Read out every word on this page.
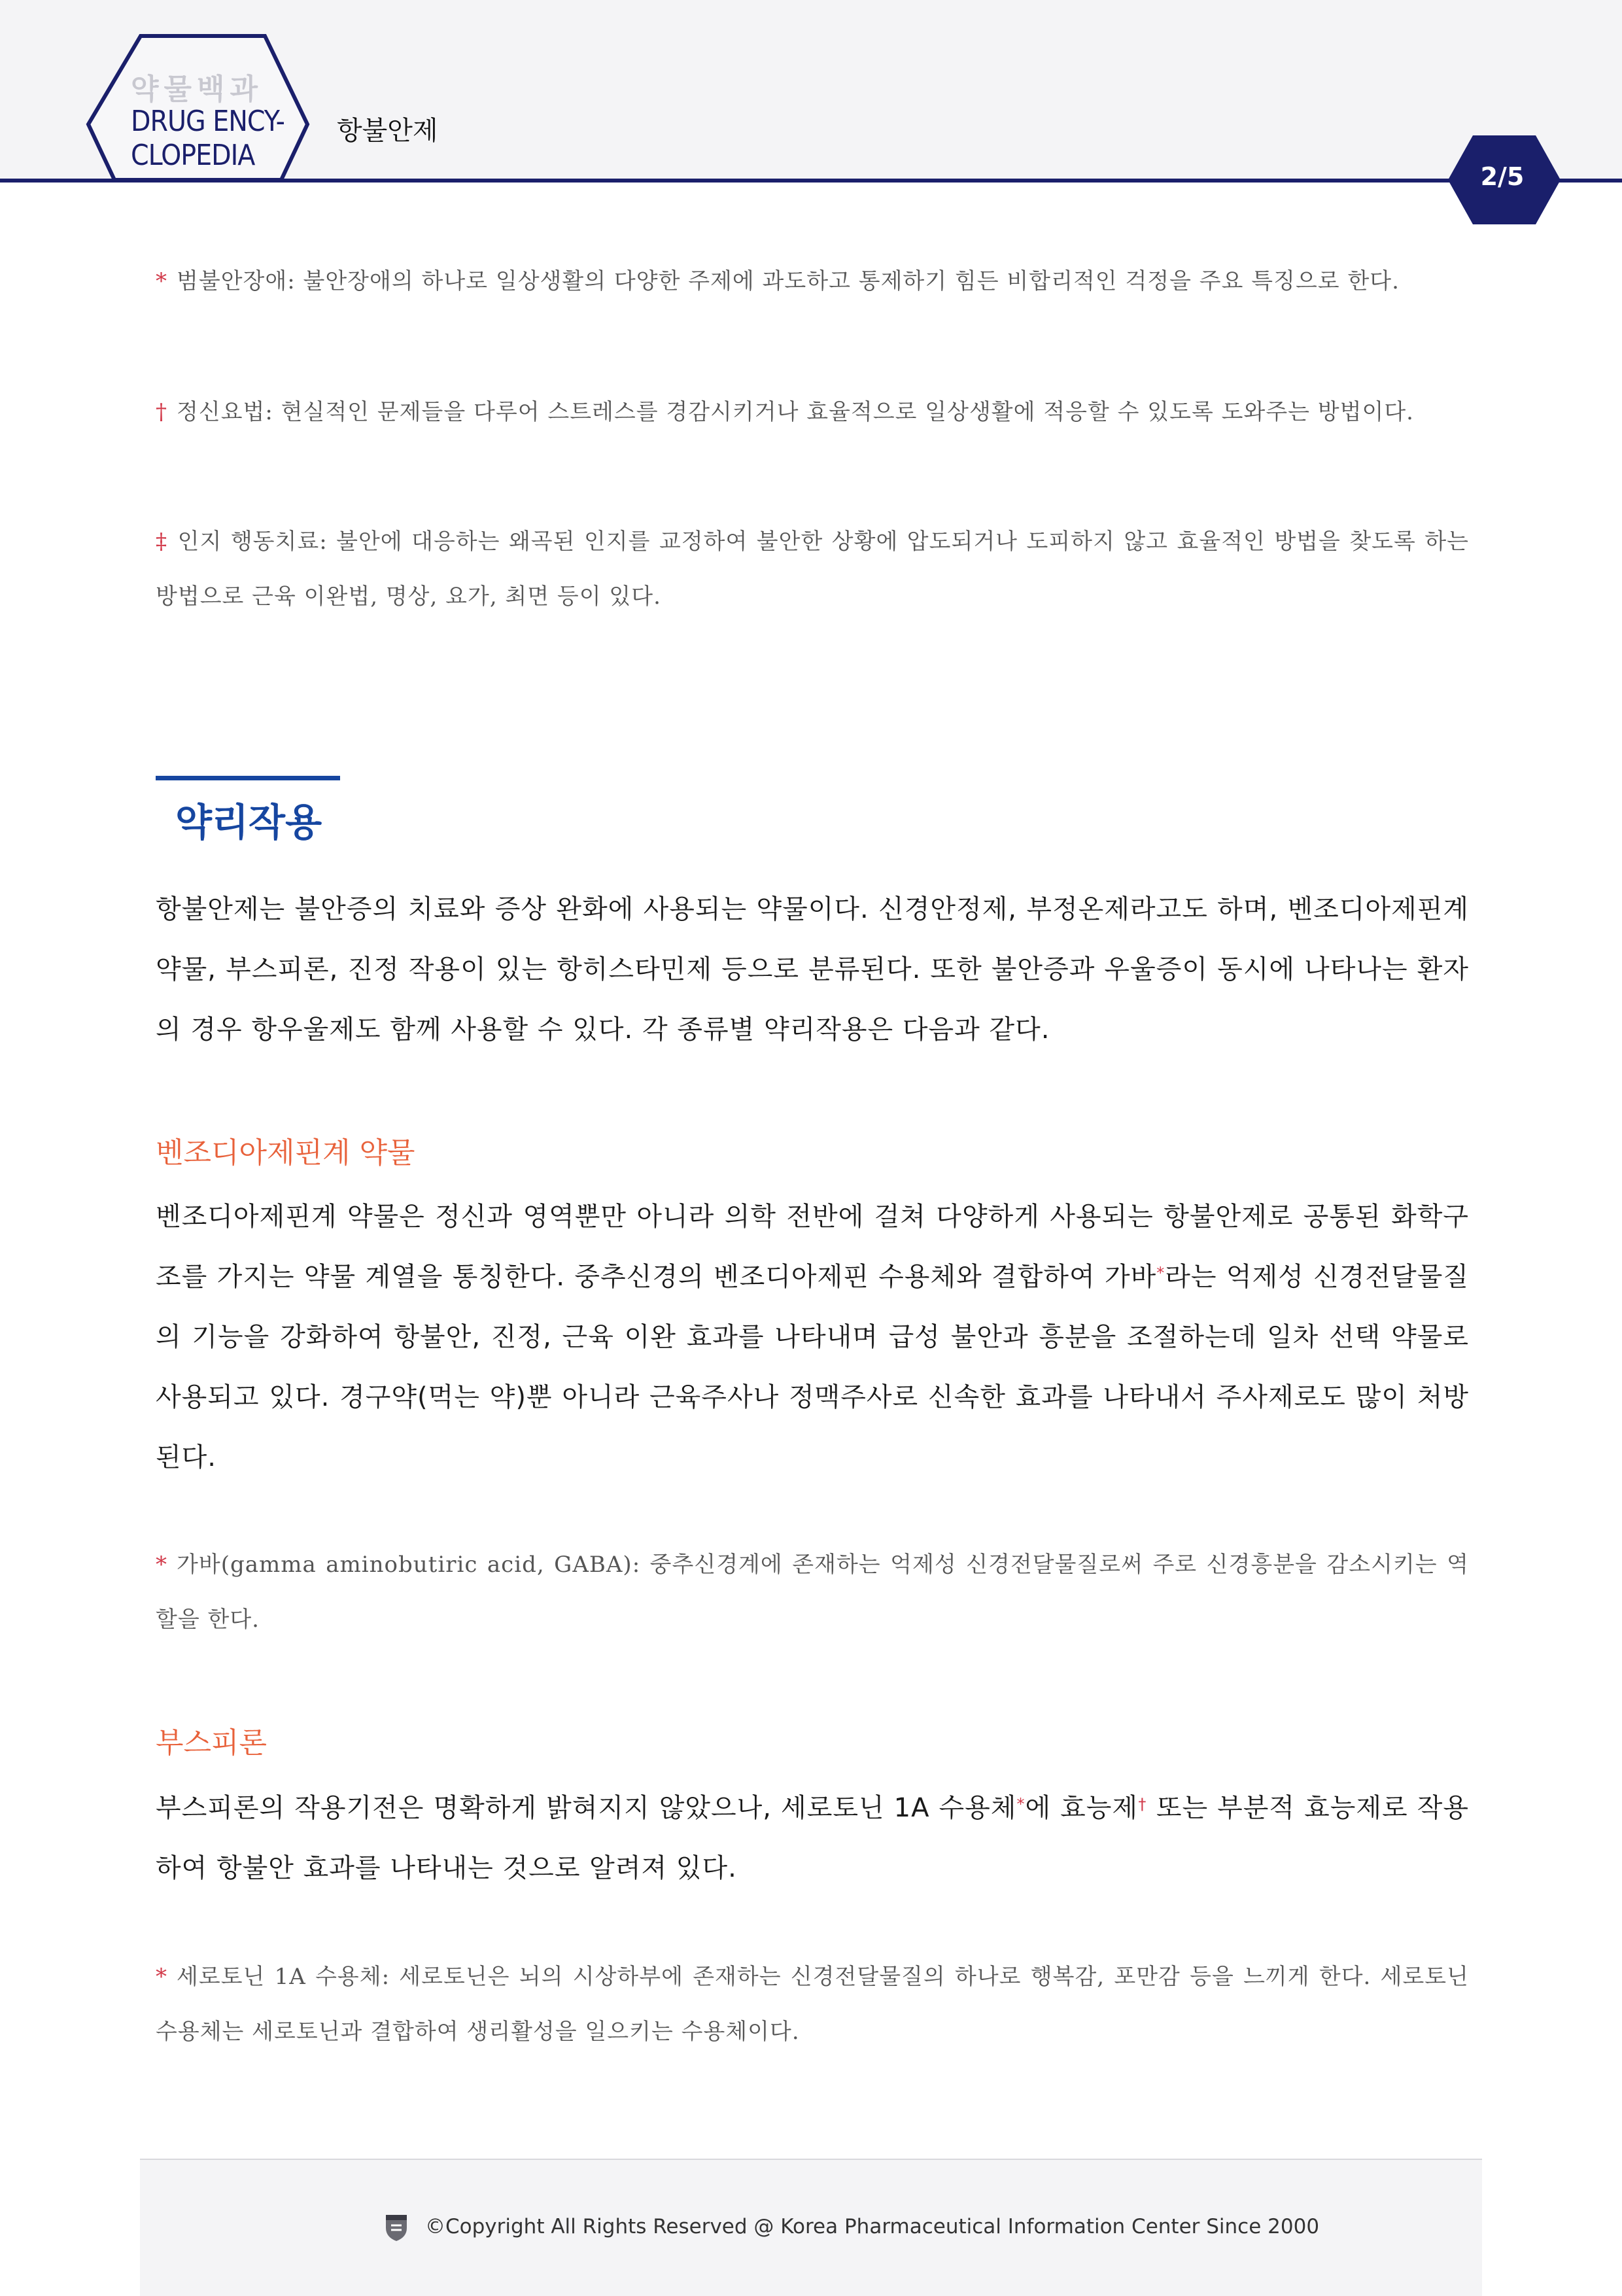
약물백과
DRUG ENCY-
CLOPEDIA
항불안제
2/5
* 범불안장애: 불안장애의 하나로 일상생활의 다양한 주제에 과도하고 통제하기 힘든 비합리적인 걱정을 주요 특징으로 한다.
† 정신요법: 현실적인 문제들을 다루어 스트레스를 경감시키거나 효율적으로 일상생활에 적응할 수 있도록 도와주는 방법이다.
‡ 인지 행동치료: 불안에 대응하는 왜곡된 인지를 교정하여 불안한 상황에 압도되거나 도피하지 않고 효율적인 방법을 찾도록 하는 방법으로 근육 이완법, 명상, 요가, 최면 등이 있다.
약리작용
항불안제는 불안증의 치료와 증상 완화에 사용되는 약물이다. 신경안정제, 부정온제라고도 하며, 벤조디아제핀계 약물, 부스피론, 진정 작용이 있는 항히스타민제 등으로 분류된다. 또한 불안증과 우울증이 동시에 나타나는 환자의 경우 항우울제도 함께 사용할 수 있다. 각 종류별 약리작용은 다음과 같다.
벤조디아제핀계 약물
벤조디아제핀계 약물은 정신과 영역뿐만 아니라 의학 전반에 걸쳐 다양하게 사용되는 항불안제로 공통된 화학구조를 가지는 약물 계열을 통칭한다. 중추신경의 벤조디아제핀 수용체와 결합하여 가바*라는 억제성 신경전달물질의 기능을 강화하여 항불안, 진정, 근육 이완 효과를 나타내며 급성 불안과 흥분을 조절하는데 일차 선택 약물로 사용되고 있다. 경구약(먹는 약)뿐 아니라 근육주사나 정맥주사로 신속한 효과를 나타내서 주사제로도 많이 처방된다.
* 가바(gamma aminobutiric acid, GABA): 중추신경계에 존재하는 억제성 신경전달물질로써 주로 신경흥분을 감소시키는 역할을 한다.
부스피론
부스피론의 작용기전은 명확하게 밝혀지지 않았으나, 세로토닌 1A 수용체*에 효능제† 또는 부분적 효능제로 작용하여 항불안 효과를 나타내는 것으로 알려져 있다.
* 세로토닌 1A 수용체: 세로토닌은 뇌의 시상하부에 존재하는 신경전달물질의 하나로 행복감, 포만감 등을 느끼게 한다. 세로토닌 수용체는 세로토닌과 결합하여 생리활성을 일으키는 수용체이다.
©Copyright All Rights Reserved @ Korea Pharmaceutical Information Center Since 2000
